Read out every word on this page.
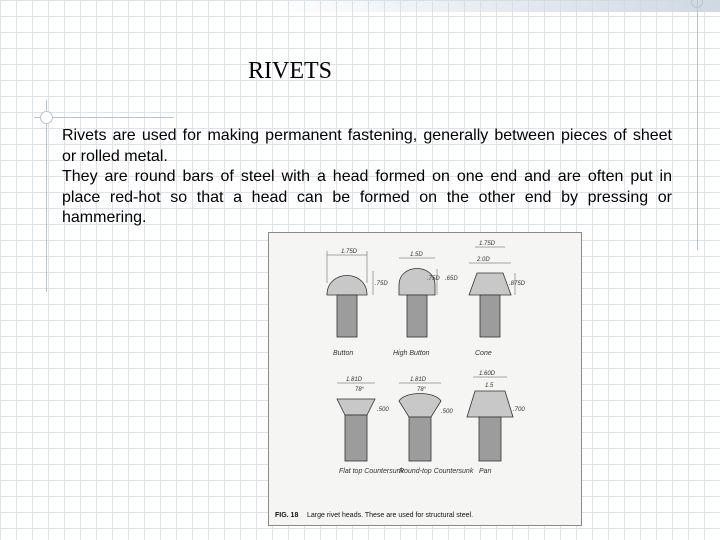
RIVETS

Rivets are used for making permanent fastening, generally between pieces of sheet or rolled metal.

They are round bars of steel with a head formed on one end and are often put in place red-hot so that a head can be formed on the other end by pressing or hammering.

1.75D
.75D
Button
1.5D
.75D .65D
High Button
1.75D
2.0D
.875D
Cone
1.81D
78°
.500
Flat top Countersunk
1.81D
78°
.500
Round-top Countersunk
1.60D
1.5
.700
Pan
FIG. 18 Large rivet heads. These are used for structural steel.
